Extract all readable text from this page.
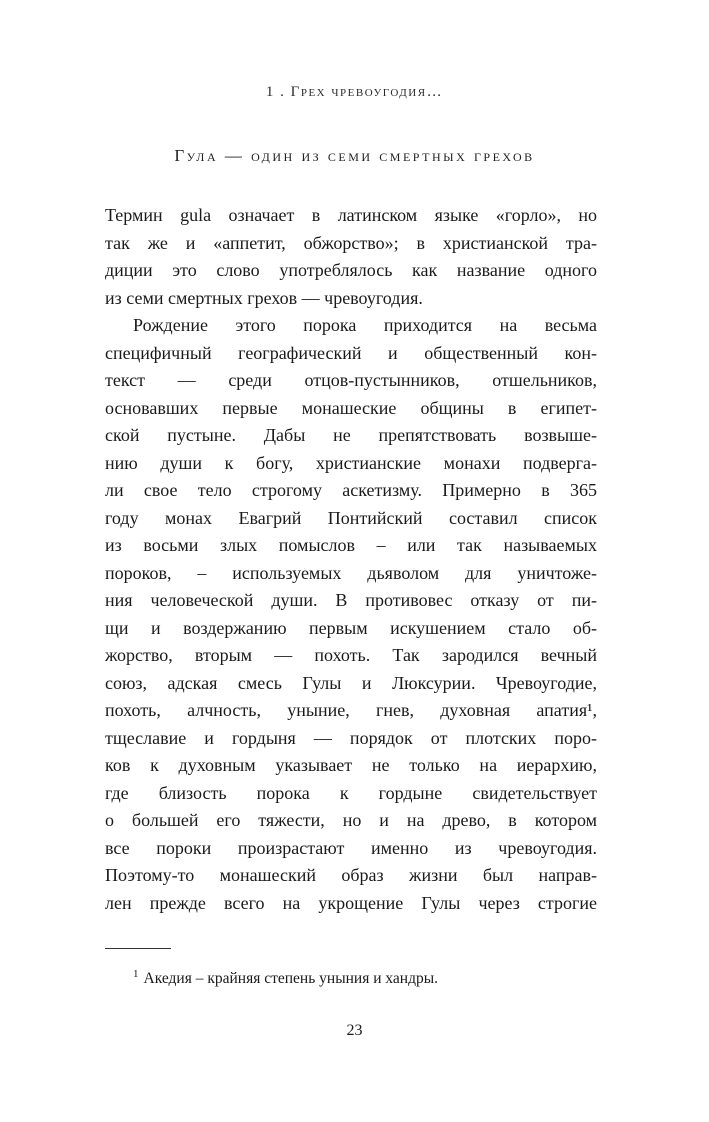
1 . Грех чревоугодия…
Гула — один из семи смертных грехов
Термин gula означает в латинском языке «горло», но
так же и «аппетит, обжорство»; в христианской тра-
диции это слово употреблялось как название одного
из семи смертных грехов — чревоугодия.
Рождение этого порока приходится на весьма
специфичный географический и общественный кон-
текст — среди отцов-пустынников, отшельников,
основавших первые монашеские общины в египет-
ской пустыне. Дабы не препятствовать возвыше-
нию души к богу, христианские монахи подверга-
ли свое тело строгому аскетизму. Примерно в 365
году монах Евагрий Понтийский составил список
из восьми злых помыслов – или так называемых
пороков, – используемых дьяволом для уничтоже-
ния человеческой души. В противовес отказу от пи-
щи и воздержанию первым искушением стало об-
жорство, вторым — похоть. Так зародился вечный
союз, адская смесь Гулы и Люксурии. Чревоугодие,
похоть, алчность, уныние, гнев, духовная апатия¹,
тщеславие и гордыня — порядок от плотских поро-
ков к духовным указывает не только на иерархию,
где близость порока к гордыне свидетельствует
о большей его тяжести, но и на древо, в котором
все пороки произрастают именно из чревоугодия.
Поэтому-то монашеский образ жизни был направ-
лен прежде всего на укрощение Гулы через строгие
$^1$ Акедия – крайняя степень уныния и хандры.
23
